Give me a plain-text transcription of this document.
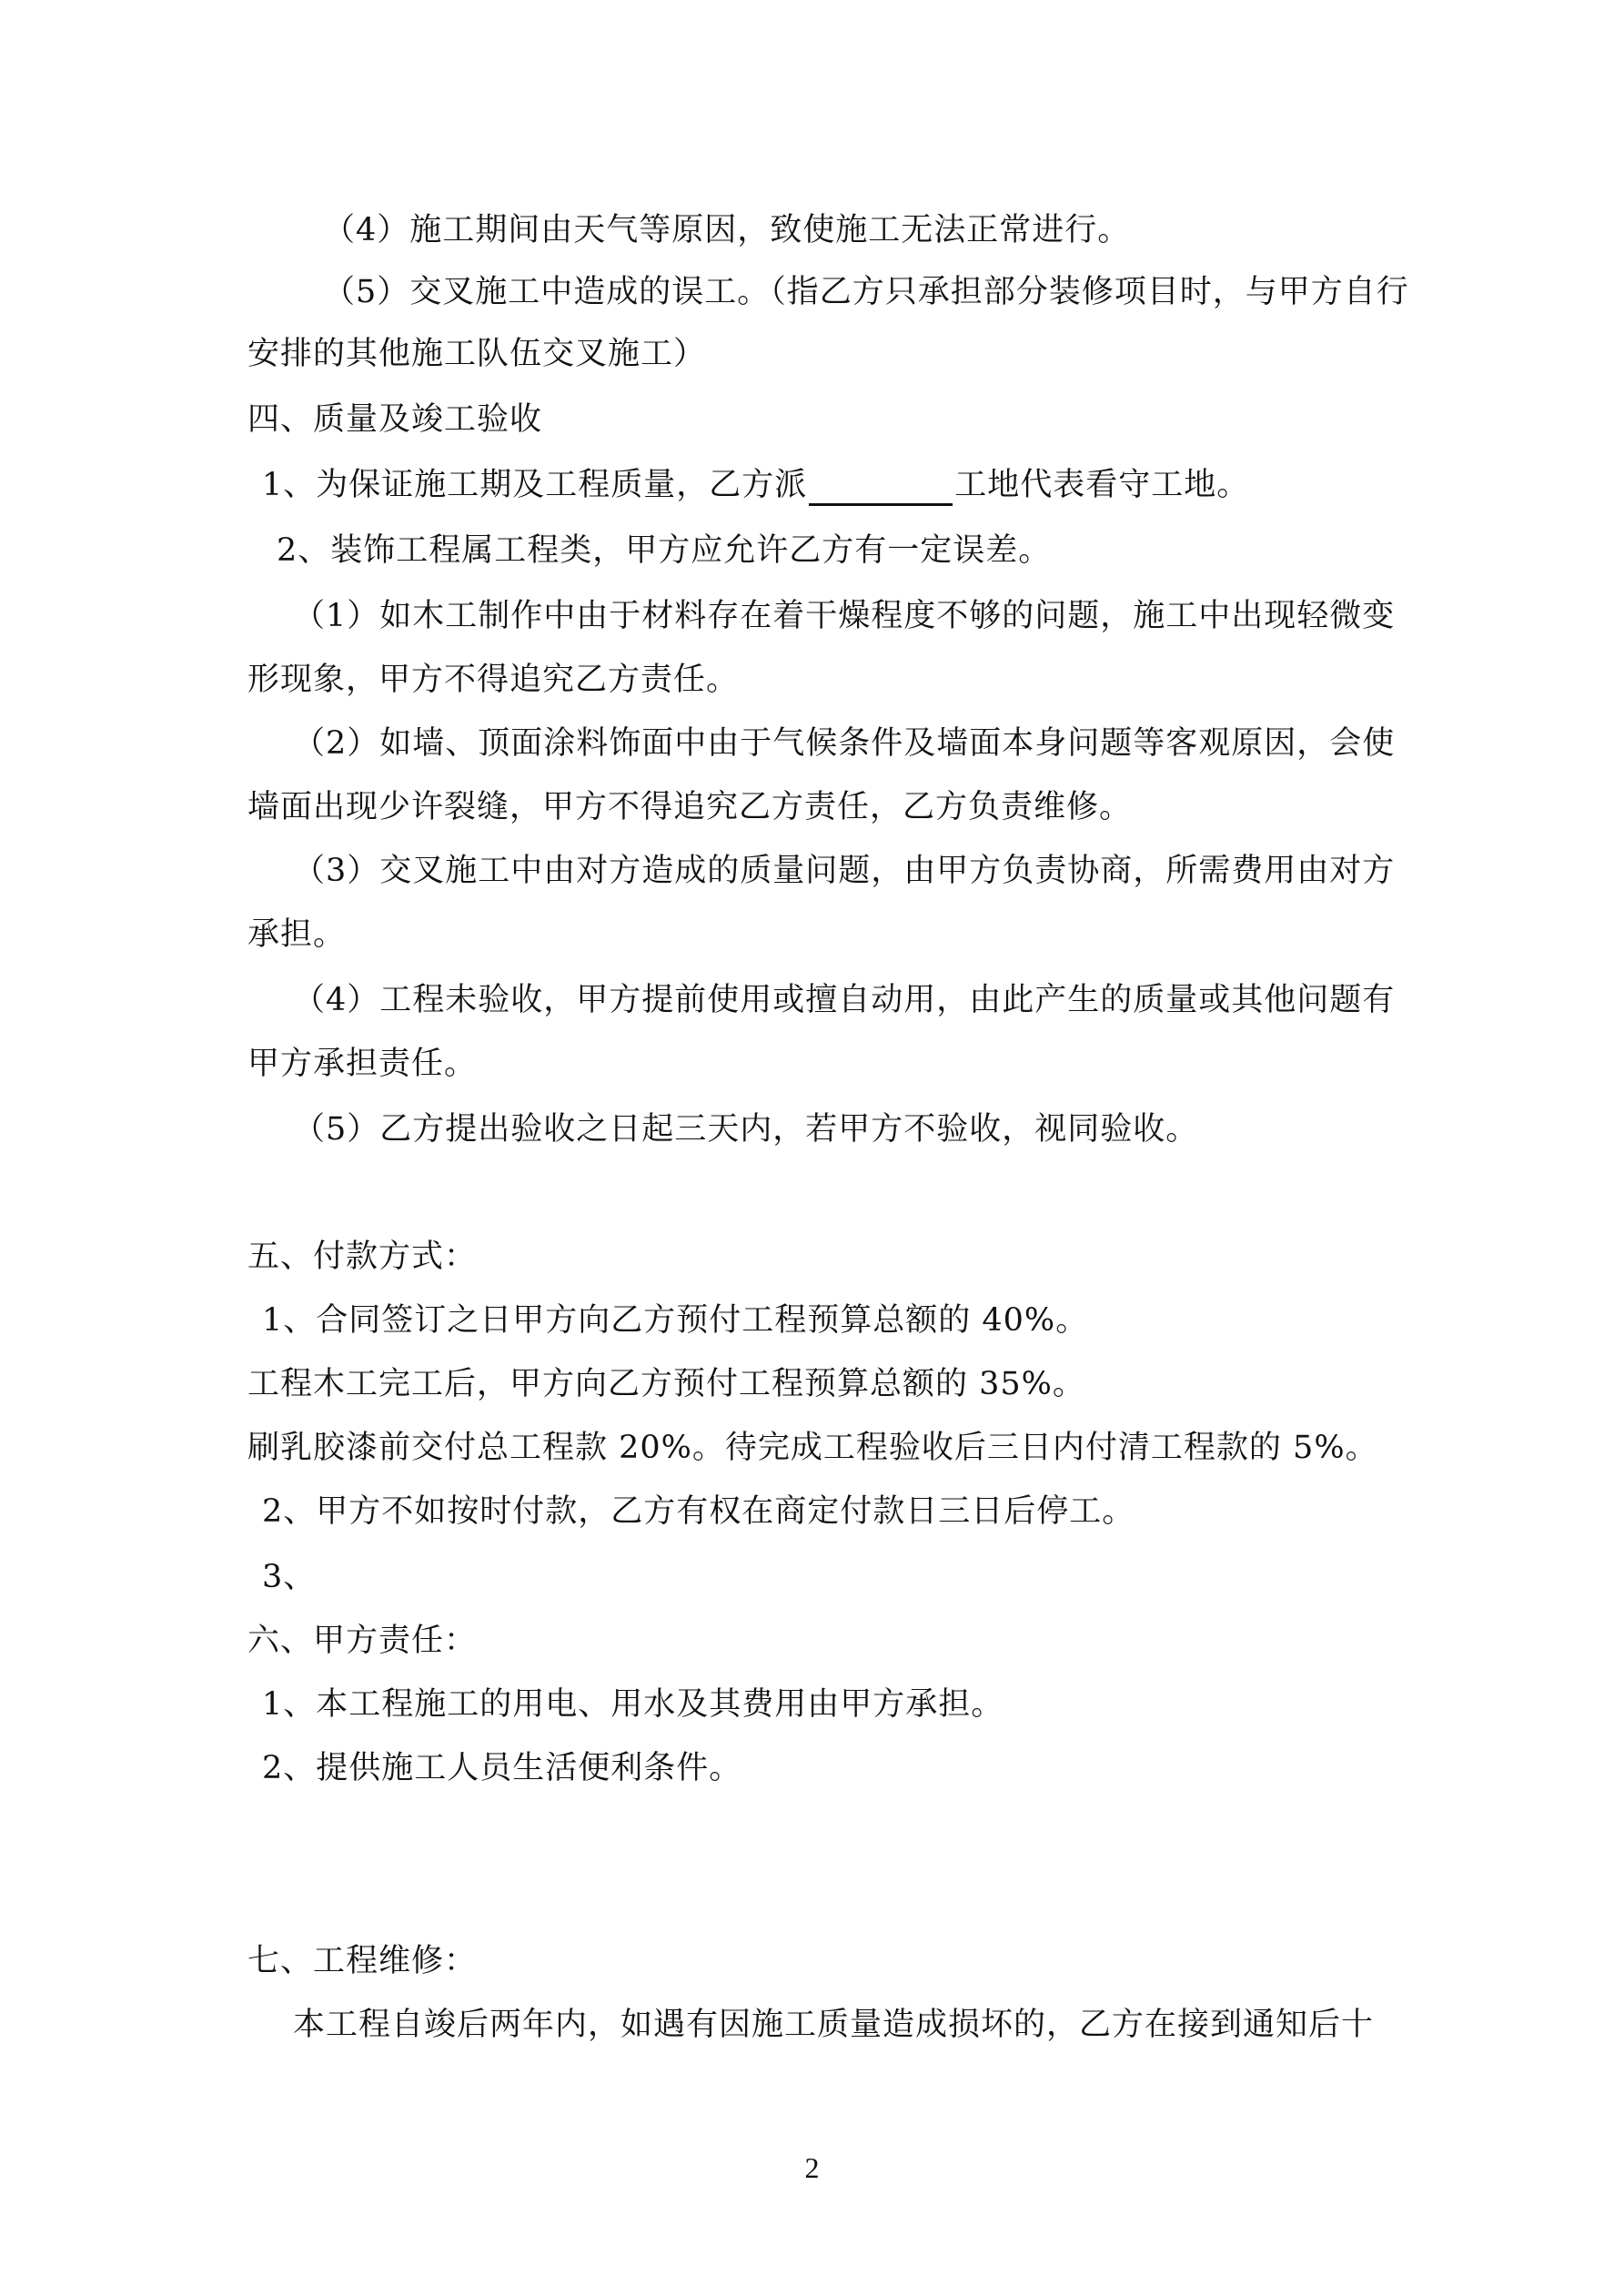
（4）施工期间由天气等原因，致使施工无法正常进行。
（5）交叉施工中造成的误工。（指乙方只承担部分装修项目时，与甲方自行
安排的其他施工队伍交叉施工）
四、质量及竣工验收
1、为保证施工期及工程质量，乙方派	工地代表看守工地。
2、装饰工程属工程类，甲方应允许乙方有一定误差。
（1）如木工制作中由于材料存在着干燥程度不够的问题，施工中出现轻微变
形现象，甲方不得追究乙方责任。
（2）如墙、顶面涂料饰面中由于气候条件及墙面本身问题等客观原因，会使
墙面出现少许裂缝，甲方不得追究乙方责任，乙方负责维修。
（3）交叉施工中由对方造成的质量问题，由甲方负责协商，所需费用由对方
承担。
（4）工程未验收，甲方提前使用或擅自动用，由此产生的质量或其他问题有
甲方承担责任。
（5）乙方提出验收之日起三天内，若甲方不验收，视同验收。
五、付款方式：
1、合同签订之日甲方向乙方预付工程预算总额的 40%。
工程木工完工后，甲方向乙方预付工程预算总额的 35%。
刷乳胶漆前交付总工程款 20%。待完成工程验收后三日内付清工程款的 5%。
2、甲方不如按时付款，乙方有权在商定付款日三日后停工。
3、
六、甲方责任：
1、本工程施工的用电、用水及其费用由甲方承担。
2、提供施工人员生活便利条件。
七、工程维修：
本工程自竣后两年内，如遇有因施工质量造成损坏的，乙方在接到通知后十
2
